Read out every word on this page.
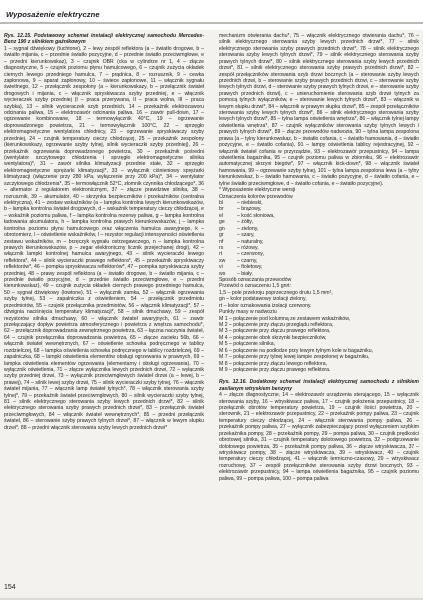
Wyposażenie elektryczne

Rys. 12.15. Podstawowy schemat instalacji elektrycznej samochodu Mercedes-Benz 190 z silnikiem gaźnikowym

1 – sygnał dźwiękowy (tuchtone), 2 – lewy zespół reflektora (a – światło drogowe, b – światło mijania, c – przednie światło pozycyjne, d – przednie światło przeciwmgłowe, e – przedni kierunkowskaz), 3 – czujnik OBR (cka w cylindrze nr 1, 4 – złącze diagnostyczne, 5 – czujnik poziomu płynu hamulcowego, 6 – czujnik zużycia okładek ciernych lewego przedniego hamulca, 7 – prądnica, 8 – rozrusznik, 9 – cewka zapłonowa, 9 – aparat zapłonowy, 10 – świece zapłonowe, 11 – włącznik sygnału świetlnego, 12 – przełącznik zespołony (a – kierunkowskazy, b – przełącznik świateł drogowych i mijania, c – włącznik spryskiwacza szyby przedniej, e – włącznik wycieraczek szyby przedniej (I – praca przerywana, II – praca wolna, III – praca szybka), 13 – silnik wycieraczek szyb przednich, 14 – przekaźnik elektrozaworu odcinania paliwa, 15 – elektrozawór odcinania paliwa, 16 – zawór pull-down, 17 – ogrzewanie kombinowane, 18 – termowyłącznik 40°C, 19 – ogrzewanie doprowadzonego powietrza, 21 – termowyłącznik 100°C, 22 – sprzęgło elektromagnetyczne wentylatora chłodnicy, 23 – ogrzewanie spryskiwaczy szyby przedniej, 24 – czujnik temperatury cieczy chłodzącej, 25 – przekaźnik zespołony (kierunkowskazy, ogrzewanie szyby tylnej, silnik wycieraczki szyby przedniej), 26 – przekaźnik ogrzewania doprowadzonego powietrza, 30 – przekaźnik pośredni (wentylator szczytowego chłodzenia i sprzęgło elektromagnetyczne silnika wentylatora)*, 31 – zawór silnika klimatyzacji przednie stałe, 32 – sprzęgło elektromagnetyczne sprężarki klimatyzacji*, 33 – wyłącznik ciśnieniowy sprężarki klimatyzacji (włączenie przy 280 kPa, wyłączenie przy 200 kPa)*, 34 – wentylator szczytowego chłodzenia*, 35 – termowłącznik 52°C, złomnik czynnika chłodzącego*, 36 – alternator z regulatorem elektronicznym, 37 – złącze prawdziwe silnika, 38 – rozrusznik, 39 – akumulator, 40 – skrzynka bezpieczników i przekaźników (centralna elektryczna), 41 – zestaw wskaźników (a – lampka kontrolna lewych kierunkowskazów, b – lampka kontrolna świateł drogowych, d – wskaźnik temperatury cieczy chłodzącej, e – wskaźnik poziomu paliwa, f – lampka kontrolna rezerwy paliwa, g – lampka kontrolna ładowania akumulatora, h – lampka kontrolna prawych kierunkowskazów, j – lampka kontrolna poziomu płynu hamulcowego oraz włączenia hamulca awaryjnego, k – obrotomierz, l – oświetlenie wskaźników, l – rezystor regulacji intensywności oświetlenia zestawu wskaźników, m – brzęczyk sygnału ostrzegawczego, n – lampka kontrolna prawych kierunkowskazów, p – zegar elektroniczny licznik przejechanej drogi), 42 – włącznik lampki kontrolnej hamulca awaryjnego, 43 – silnik wycieraczki lewego reflektora*, 44 – silnik wycieraczki prawego reflektora*, 45 – przekaźnik spryskiwaczy reflektorów*, 46 – pompka spryskiwacza reflektorów*, 47 – pompka spryskiwacza szyby przedniej, 48 – prawy zespół reflektora (a – światło drogowe, b – światło mijania, c – przednie światło pozycyjne, d – przednie światło przeciwmgłowe, e – przedni kierunkowskaz), 49 – czujnik zużycia okładek ciernych prawego przedniego hamulca, 50 – sygnał dźwiękowy (lowtone), 51 – wyłącznik zamka, 52 – włącznik ogrzewania szyby tylnej, 53 – zapalniczka z oświetleniem, 54 – przełącznik przedmiotu przedmiotów, 55 – czujnik przełącznika przedmiotów, 56 – włącznik klimatyzacji*, 57 – dźwignia naciśnięcia temperatury klimatyzacji*, 58 – silnik dmuchawy, 59 – zespół rezystorów silnika dmuchawy, 60 – włącznik świateł awaryjnych, 61 – zawór przełączający dopływ powietrza atmosferycznego i powietrza z wnętrza samochodu*, 62 – przełącznik doprowadzania zewnętrznego powietrza, 63 – łączna naczynia świateł, 64 – czujnik przełącznika doprowadzania powietrza, 65 – złącze zacieku 56b, 66 – włącznik świateł wewnętrznych, 67 – oświetlenie schowka podręcznego w tablicy rozdzielczej, 68 – lampka oświetlenia schowka podręcznego w tablicy rozdzielczej, 69 – zapalniczka, 68 – lampki oświetlenia elementów obsługi ogrzewania w prawnych, 69 – lampka oświetlenia elementów ogrzewania (elementarny i obsługi ogrzewania), 70 – wyłącznik oświetlenia, 71 – złącze wyłącznika lewych przednich drzwi, 72 – wyłącznik szyby przedniej drzwi, 73 – wyłącznik przeciwmgłowych świateł drzwi (a – lewej, b – prawej), 74 – silnik lewej szyby drzwi, 75 – silnik wycieraczki szyby tylnej, 76 – włącznik świateł mijania, 77 – włącznik lamp świateł tylnych*, 78 – włącznik sterowania szyby tylnej*, 79 – przekaźnik świateł przeciwmgłowych, 80 – silnik wycieraczki szyby tylnej, 81 – silnik elektrycznego sterowania szyby lewych przednich drzwi*, 82 – silnik elektrycznego sterowania szyby prawych przednich drzwi*, 83 – przełącznik świateł przeciwmgłowych, 84 – włącznik świateł wewnętrznych*, 85 – przedni przełącznik świateł, 86 – sterowanie szyby prawych tylnych drzwi*, 87 – włącznik w lewym słupku drzwi*, 88 – przedni włącznik sterowania szyby lewych przednich drzwi*

mechanizm otwierania dachu*, 75 – włącznik elektrycznego otwierania dachu*, 76 – silnik elektrycznego sterowania szyby lewych przednich drzwi*, 77 – silnik elektrycznego sterowania szyby prawych przednich drzwi*, 78 – silnik elektrycznego sterowania szyby lewych tylnych drzwi*, 79 – silnik elektrycznego sterowania szyby prawych tylnych drzwi*, 80 – silnik elektrycznego sterowania szyby lewych przednich drzwi*, 81 – silnik elektrycznego sterowania szyby prawych przednich drzwi*, 82 – zespół przełączników sterowania szyb drzwi bocznych (a – sterowanie szyby lewych przednich drzwi, b – sterowanie szyby prawych przednich drzwi, c – sterowanie szyby lewych tylnych drzwi, d – sterowanie szyby prawych tylnych drzwi, e – sterowanie szyby prawych przednich drzwi), c – unieruchomienie sterowania szyb drzwi tylnych za pomocą tylnych wyłączników, e – sterowanie lewych tylnych drzwi*, 83 – włącznik w lewym słupku drzwi*, 84 – włącznik w prawym słupku drzwi*, 85 – zespół przełączników sterowania szyby lewych tylnych drzwi*, 86 – silnik elektrycznego sterowania szyby lewych tylnych drzwi*, 85 – tylna lampa oświetlenia wnętrza*, 86 – włącznik tylnej lampy oświetlenia wnętrza*, 87 – czujnik wyłączników sterowania szyby tylnych lewych i prawych tylnych drzwi*, 89 – złącze przewodów nadwozia, 90 – tylna lampa zespolona prawa (a – tylny kierunkowskaz, b – światło cofania, c – światło hamowania, d – światło pozycyjne, e – światło cofania), 91 – lampy oświetlenia tablicy rejestracyjnej, 92 – włącznik świateł cofania w przyrządzie, 93 – elektrozawór przepustnicy, 94 – lampa oświetlenia bagażnika, 95 – czujnik poziomu paliwa w zbiorniku, 96 – elektrozawór automatycznej skrzyni biegów*, 97 – włącznik kick-down*, 98 – włącznik świateł hamowania, 99 – ogrzewanie szyby tylnej, 101 – tylna lampa zespolona lewa (a – tylny kierunkowskaz, b – światło hamowania, c – światło pozycyjne, d – światło cofania, e – tylne światło przeciwmgłowe, d – światło cofania, e – światło pozycyjne).

* Wyposażenie elektryczne wersji

Oznaczenia kolorów przewodów

bl	– niebieski,
br	– brązowy,
el	– kość słoniowa,
ge	– żółty,
gn	– zielony,
gr	– szary,
nf	– naturalny,
rs	– różowy,
rt	– czerwony,
sw	– czarny,
vi	– fioletowy,
ws	– biały.

Sposób oznaczania przewodów

Przewód o oznaczeniu 1,5 gnrt:

1,5 – pole przekroju poprzecznego drutu 1,5 mm²,
gn – kolor podstawowy izolacji zielony,
rt – kolor oznakowania izolacji czerwony.

Punkty masy w nadwoziu

M 1 – połączenie pod kolumną ze zestawem wskaźników,
M 2 – połączenie przy złączu przeglądu reflektora,
M 3 – połączenie przy złączu prawego reflektora,
M 4 – połączenie obok skrzynki bezpieczników,
M 5 – połączenie silnika,
M 6 – połączenie na podłodze przy lewym tylnym kole w bagażniku,
M 7 – połączenie przy tylnej lewej lampie zespolonej w bagażniku,
M 8 – połączenie przy złączu lewego reflektora,
M 9 – połączenie przy złączu prawego reflektora.

Rys. 12.16. Dodatkowy schemat instalacji elektrycznej samochodu z silnikiem zasilanym wtryskiem benzyny

4 – złącze diagnostyczne, 14 – elektrozawór urządzenia sterującego, 15 – wyłącznik sterowania szyby, 16 – wtryskiwacz paliwa, 17 – czujnik położenia przepustnicy, 18 – przełącznik obrotów temperatury powietrza, 19 – czujnik ilości powietrza, 20 – sterownik, 21 – elektrozawór przepustnicy, 22 – przekaźnik pompy paliwa, 23 – czujnik temperatury cieczy chłodzącej, 24 – włącznik sterowania pompy paliwa, 26 – przekaźnik pompy paliwa, 27 – wyłącznik zabezpieczający przed wyłączeniem szybkim przekaźnika pompy, 28 – przekaźnik pompy, 29 – pompa paliwa, 30 – czujnik prędkości obrotowej silnika, 31 – czujnik temperatury dolotowego powietrza, 32 – podgrzewanie dolotowego powietrza, 35 – przekaźnik pompy paliwa, 36 – złącze wtryskiwacza, 37 – wtryskiwacz pompy, 38 – złącze wtryskiwacza, 39 – wtryskiwacz, 40 – czujnik temperatury cieczy chłodzącej, 41 – włącznik termiczno-czasowy, 29 – wtryskiwacz rozruchowy, 37 – zespół przełączników sterowania szyby drzwi bocznych, 93 – elektrozawór przepustnicy, 94 – lampa oświetlenia bagażnika, 95 – czujnik poziomu paliwa, 99 – pompa paliwa, 100 – pompa paliwa

154
